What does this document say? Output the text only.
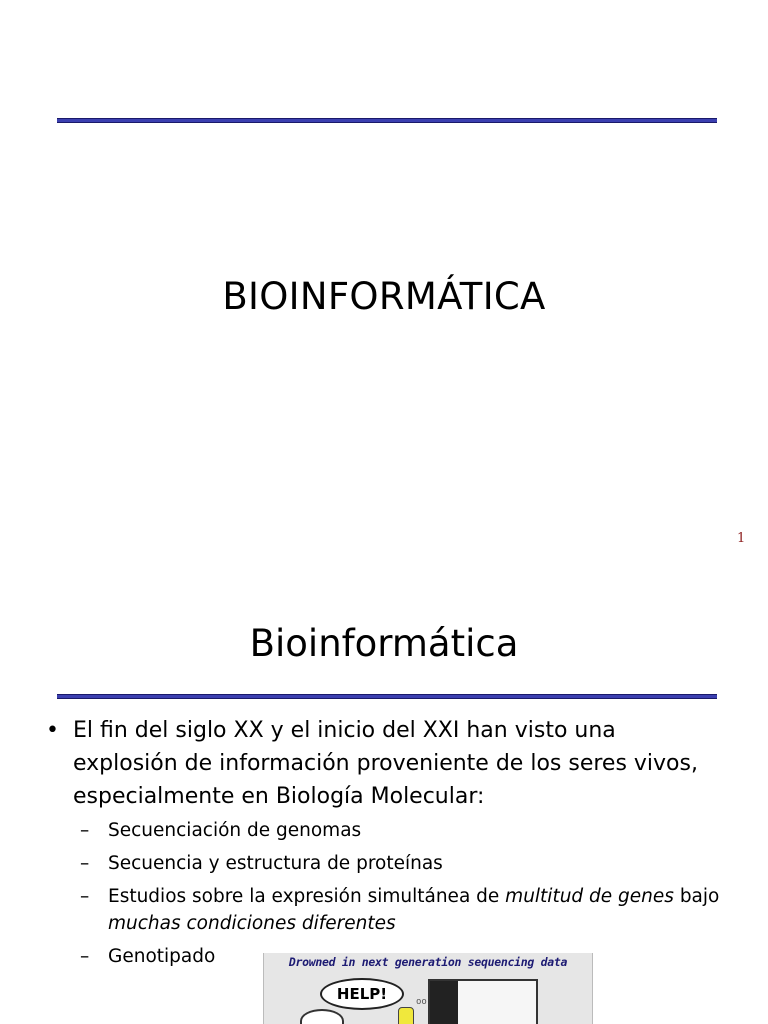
BIOINFORMÁTICA
1
Bioinformática
• El fin del siglo XX y el inicio del XXI han visto una explosión de información proveniente de los seres vivos, especialmente en Biología Molecular:
– Secuenciación de genomas
– Secuencia y estructura de proteínas
– Estudios sobre la expresión simultánea de multitud de genes bajo muchas condiciones diferentes
– Genotipado	Drowned in next generation sequencing data
HELP!	oo
